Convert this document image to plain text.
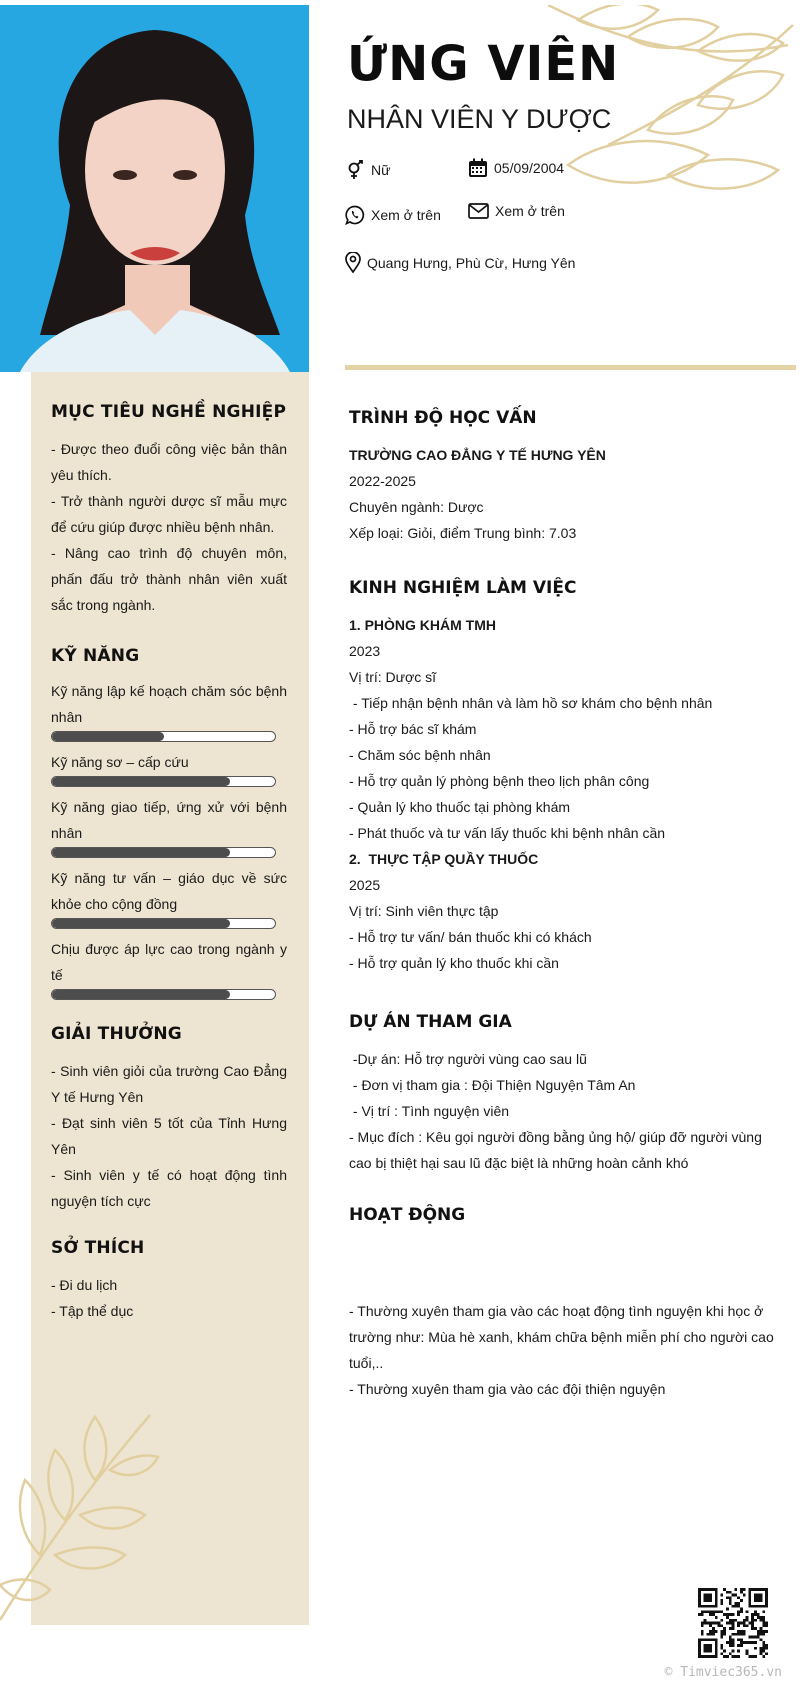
MỤC TIÊU NGHỀ NGHIỆP
- Được theo đuổi công việc bản thân yêu thích.
- Trở thành người dược sĩ mẫu mực để cứu giúp được nhiều bệnh nhân.
- Nâng cao trình độ chuyên môn, phấn đấu trở thành nhân viên xuất sắc trong ngành.
KỸ NĂNG
Kỹ năng lập kế hoạch chăm sóc bệnh nhân
Kỹ năng sơ – cấp cứu
Kỹ năng giao tiếp, ứng xử với bệnh nhân
Kỹ năng tư vấn – giáo dục về sức khỏe cho cộng đồng
Chịu được áp lực cao trong ngành y tế
GIẢI THƯỞNG
- Sinh viên giỏi của trường Cao Đẳng Y tế Hưng Yên
- Đạt sinh viên 5 tốt của Tỉnh Hưng Yên
- Sinh viên y tế có hoạt động tình nguyện tích cực
SỞ THÍCH
- Đi du lịch
- Tập thể dục
ỨNG VIÊN
NHÂN VIÊN Y DƯỢC
Nữ	05/09/2004
Xem ở trên	Xem ở trên
Quang Hưng, Phù Cừ, Hưng Yên
TRÌNH ĐỘ HỌC VẤN
TRƯỜNG CAO ĐẲNG Y TẾ HƯNG YÊN
2022-2025
Chuyên ngành: Dược
Xếp loại: Giỏi, điểm Trung bình: 7.03
KINH NGHIỆM LÀM VIỆC
1. PHÒNG KHÁM TMH
2023
Vị trí: Dược sĩ
- Tiếp nhận bệnh nhân và làm hồ sơ khám cho bệnh nhân
- Hỗ trợ bác sĩ khám
- Chăm sóc bệnh nhân
- Hỗ trợ quản lý phòng bệnh theo lịch phân công
- Quản lý kho thuốc tại phòng khám
- Phát thuốc và tư vấn lấy thuốc khi bệnh nhân cần
2.  THỰC TẬP QUẦY THUỐC
2025
Vị trí: Sinh viên thực tập
- Hỗ trợ tư vấn/ bán thuốc khi có khách
- Hỗ trợ quản lý kho thuốc khi cần
DỰ ÁN THAM GIA
-Dự án: Hỗ trợ người vùng cao sau lũ
- Đơn vị tham gia : Đội Thiện Nguyện Tâm An
- Vị trí : Tình nguyện viên
- Mục đích : Kêu gọi người đồng bằng ủng hộ/ giúp đỡ người vùng cao bị thiệt hại sau lũ đặc biệt là những hoàn cảnh khó
HOẠT ĐỘNG
- Thường xuyên tham gia vào các hoạt động tình nguyện khi học ở trường như: Mùa hè xanh, khám chữa bệnh miễn phí cho người cao tuổi,..
- Thường xuyên tham gia vào các đội thiện nguyện
© Timviec365.vn
